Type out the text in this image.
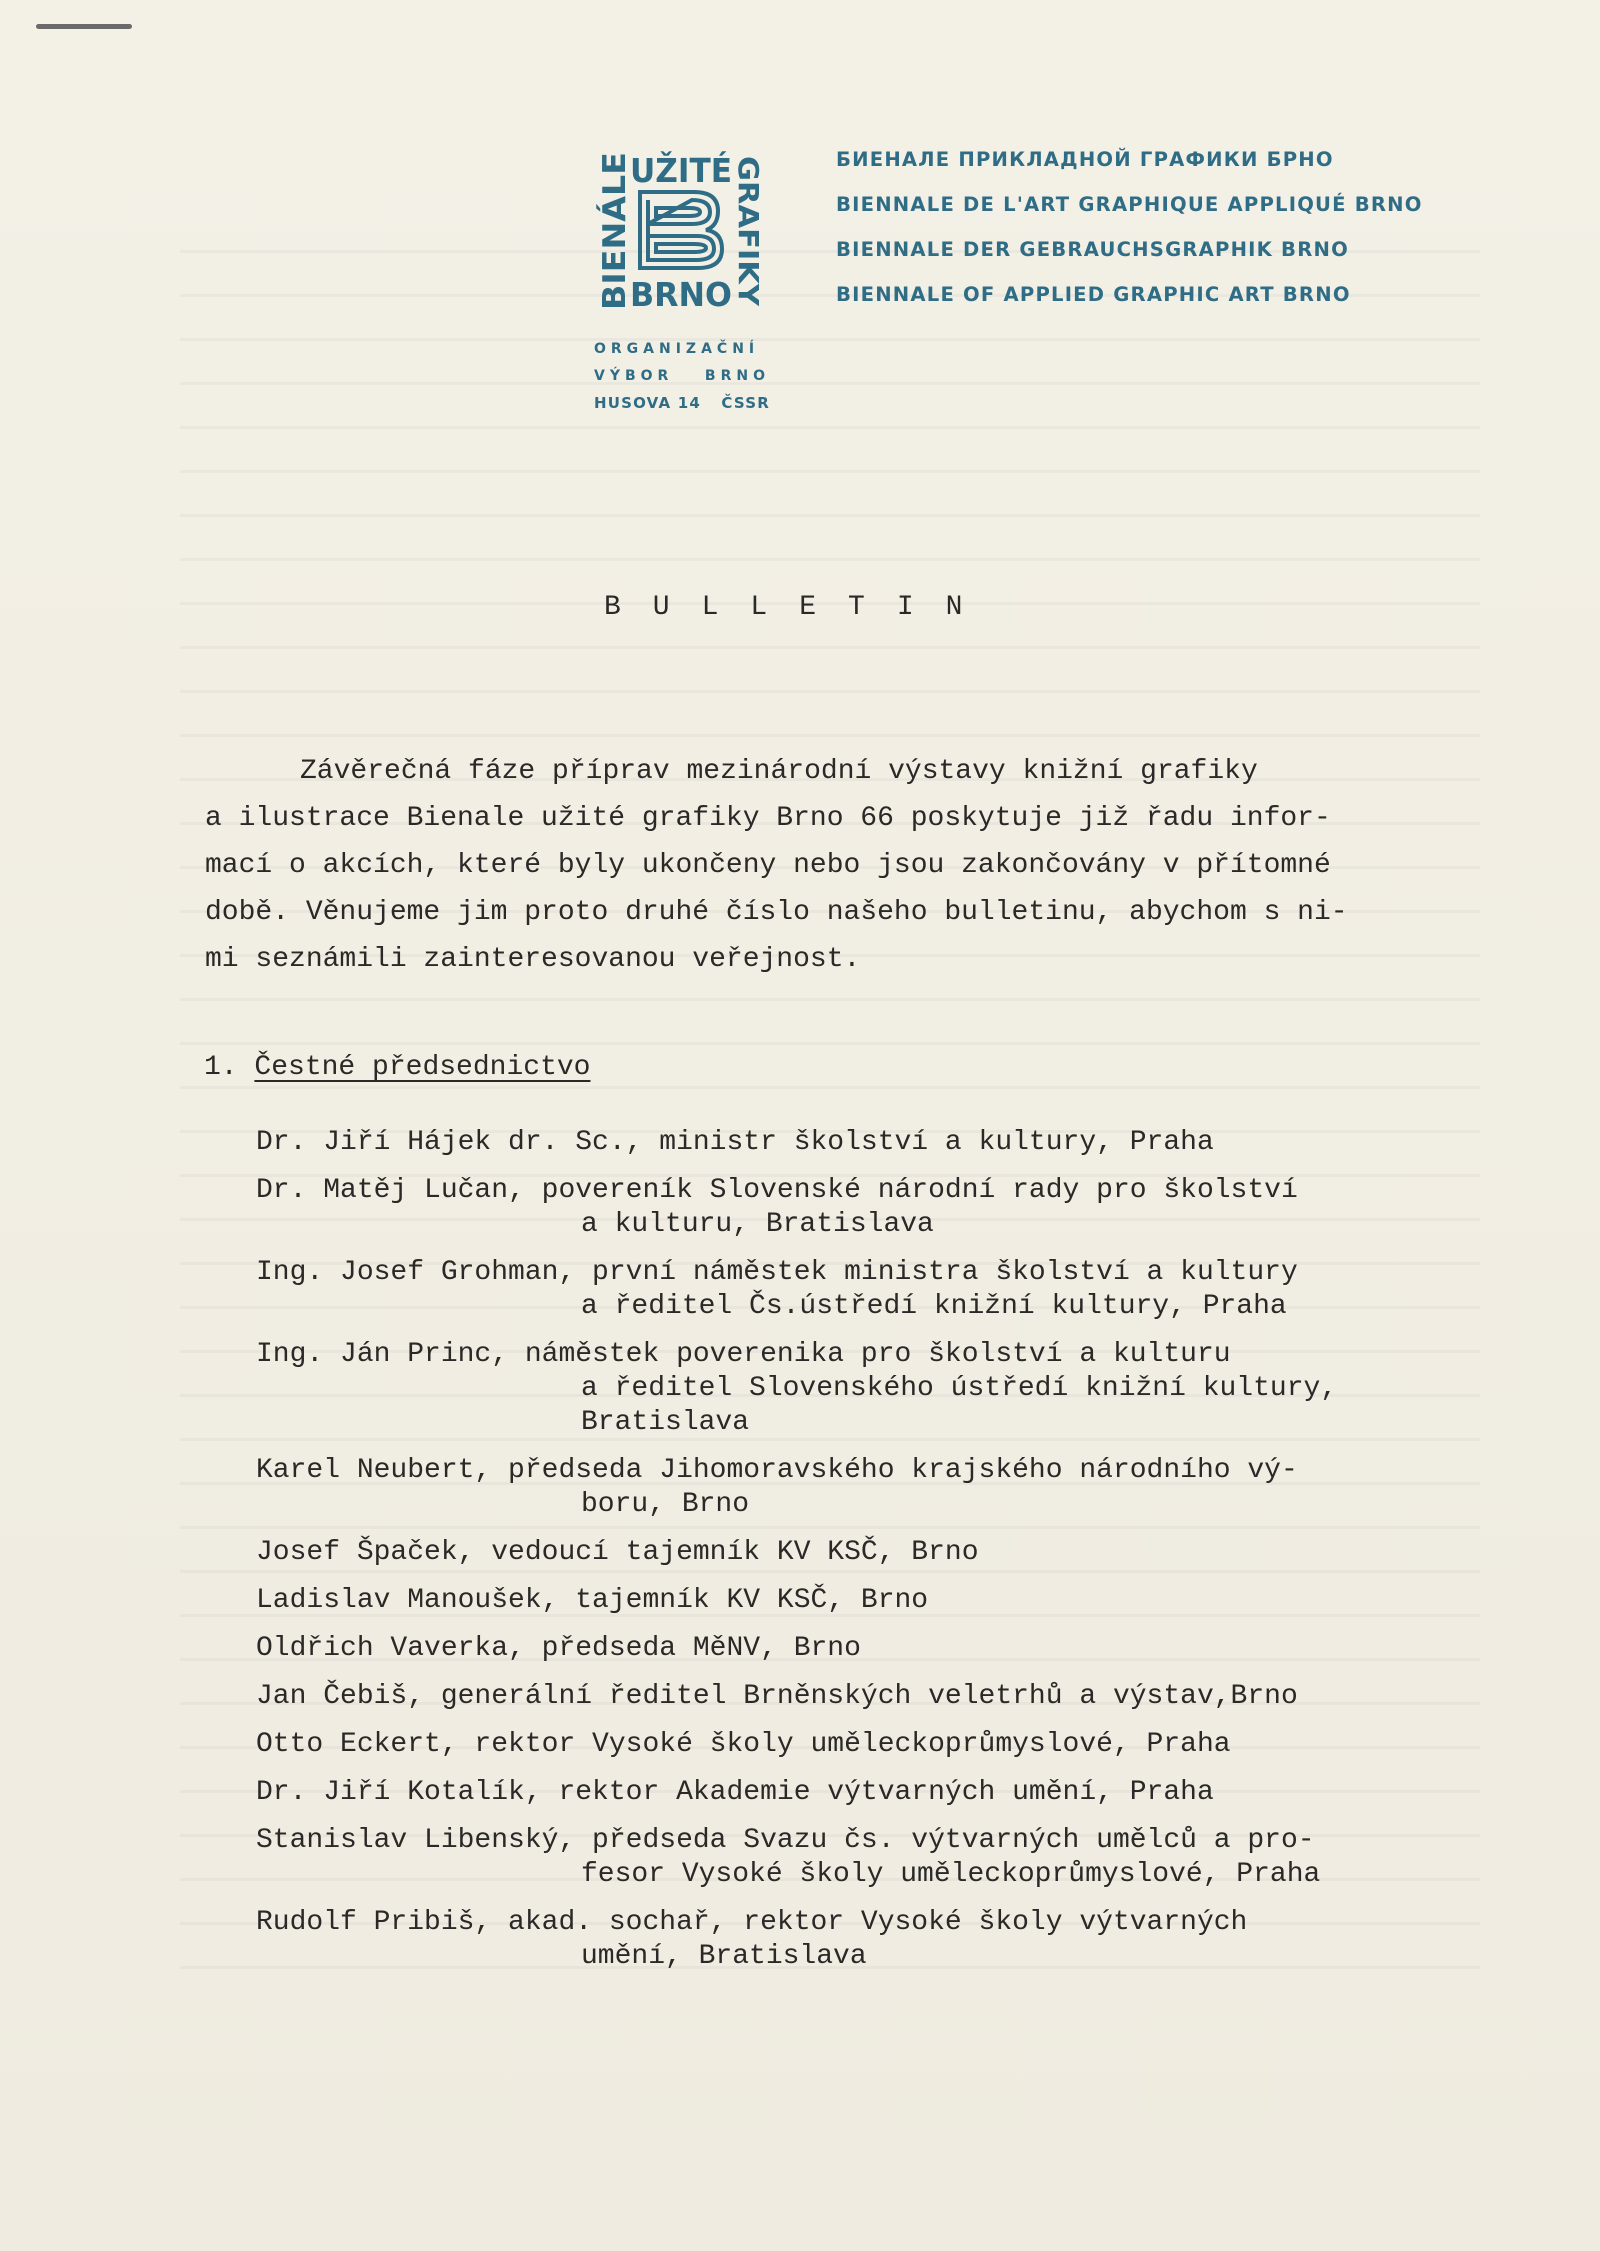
UŽITÉ
BRNO
BIENÁLE	GRAFIKY
ORGANIZAČNÍ
VÝBOR BRNO
HUSOVA 14 ČSSR
БИЕНАЛЕ ПРИКЛАДНОЙ ГРАФИКИ БРНО
BIENNALE DE L'ART GRAPHIQUE APPLIQUÉ BRNO
BIENNALE DER GEBRAUCHSGRAPHIK BRNO
BIENNALE OF APPLIED GRAPHIC ART BRNO
BULLETIN
Závěrečná fáze příprav mezinárodní výstavy knižní grafiky
a ilustrace Bienale užité grafiky Brno 66 poskytuje již řadu infor-
mací o akcích, které byly ukončeny nebo jsou zakončovány v přítomné
době. Věnujeme jim proto druhé číslo našeho bulletinu, abychom s ni-
mi seznámili zainteresovanou veřejnost.
1. Čestné předsednictvo
Dr. Jiří Hájek dr. Sc., ministr školství a kultury, Praha
Dr. Matěj Lučan, povereník Slovenské národní rady pro školství
a kulturu, Bratislava
Ing. Josef Grohman, první náměstek ministra školství a kultury
a ředitel Čs.ústředí knižní kultury, Praha
Ing. Ján Princ, náměstek poverenika pro školství a kulturu
a ředitel Slovenského ústředí knižní kultury,
Bratislava
Karel Neubert, předseda Jihomoravského krajského národního vý-
boru, Brno
Josef Špaček, vedoucí tajemník KV KSČ, Brno
Ladislav Manoušek, tajemník KV KSČ, Brno
Oldřich Vaverka, předseda MěNV, Brno
Jan Čebiš, generální ředitel Brněnských veletrhů a výstav,Brno
Otto Eckert, rektor Vysoké školy uměleckoprůmyslové, Praha
Dr. Jiří Kotalík, rektor Akademie výtvarných umění, Praha
Stanislav Libenský, předseda Svazu čs. výtvarných umělců a pro-
fesor Vysoké školy uměleckoprůmyslové, Praha
Rudolf Pribiš, akad. sochař, rektor Vysoké školy výtvarných
umění, Bratislava
